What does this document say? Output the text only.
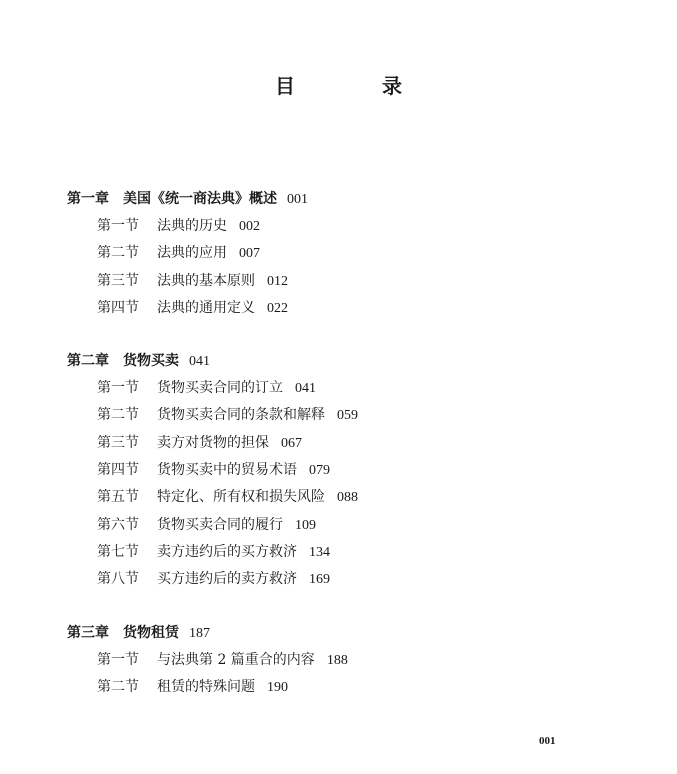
目 录
第一章 美国《统一商法典》概述 001
第一节 法典的历史 002
第二节 法典的应用 007
第三节 法典的基本原则 012
第四节 法典的通用定义 022
第二章 货物买卖 041
第一节 货物买卖合同的订立 041
第二节 货物买卖合同的条款和解释 059
第三节 卖方对货物的担保 067
第四节 货物买卖中的贸易术语 079
第五节 特定化、所有权和损失风险 088
第六节 货物买卖合同的履行 109
第七节 卖方违约后的买方救济 134
第八节 买方违约后的卖方救济 169
第三章 货物租赁 187
第一节 与法典第 2 篇重合的内容 188
第二节 租赁的特殊问题 190
001
